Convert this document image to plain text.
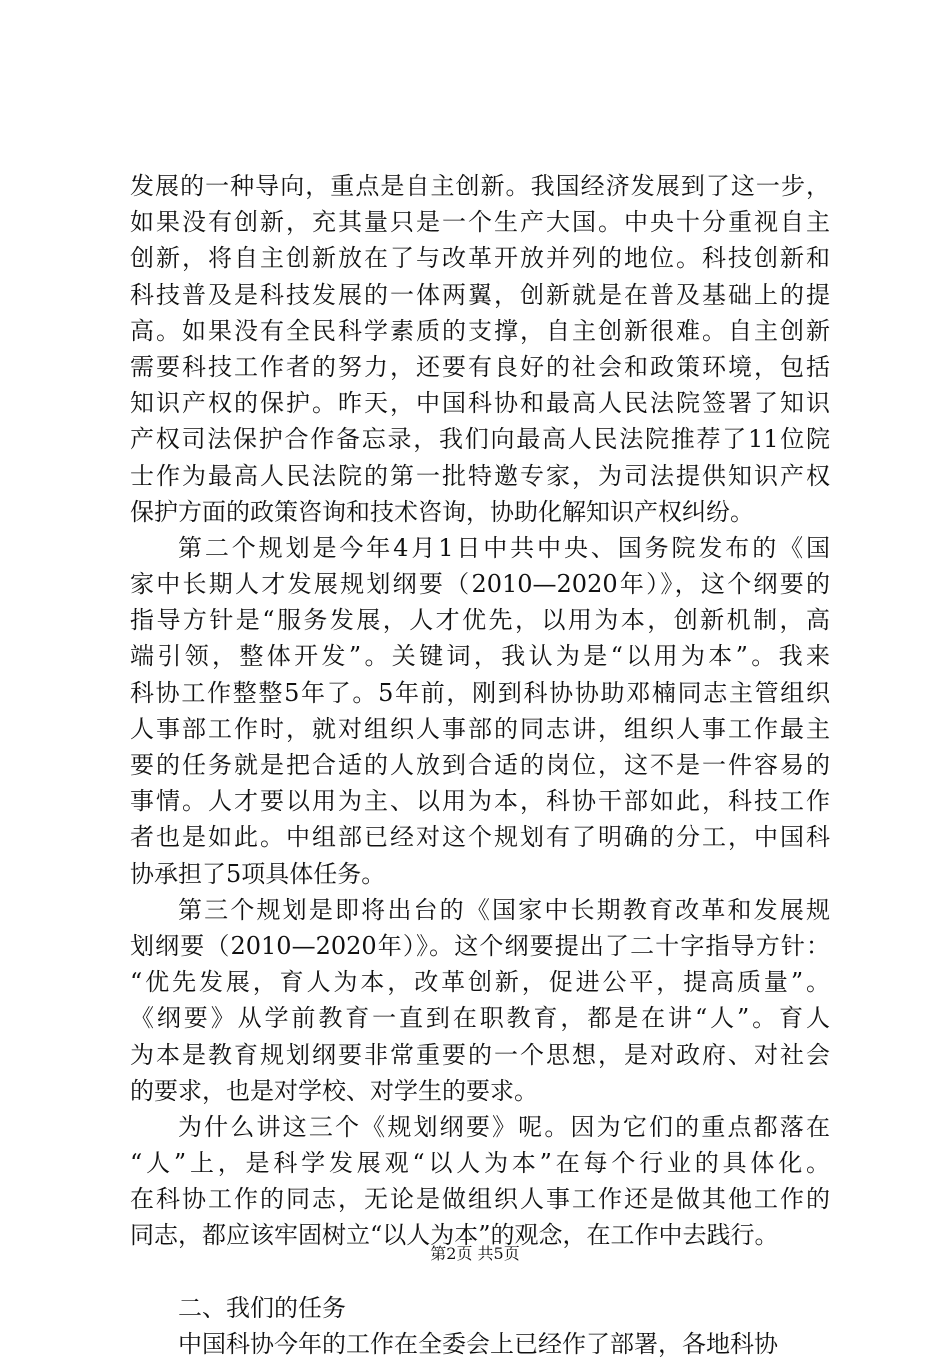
发展的一种导向，重点是自主创新。我国经济发展到了这一步，
如果没有创新，充其量只是一个生产大国。中央十分重视自主
创新，将自主创新放在了与改革开放并列的地位。科技创新和
科技普及是科技发展的一体两翼，创新就是在普及基础上的提
高。如果没有全民科学素质的支撑，自主创新很难。自主创新
需要科技工作者的努力，还要有良好的社会和政策环境，包括
知识产权的保护。昨天，中国科协和最高人民法院签署了知识
产权司法保护合作备忘录，我们向最高人民法院推荐了11位院
士作为最高人民法院的第一批特邀专家，为司法提供知识产权
保护方面的政策咨询和技术咨询，协助化解知识产权纠纷。
第二个规划是今年4月1日中共中央、国务院发布的《国
家中长期人才发展规划纲要（2010—2020年）》，这个纲要的
指导方针是“服务发展，人才优先，以用为本，创新机制，高
端引领，整体开发”。关键词，我认为是“以用为本”。我来
科协工作整整5年了。5年前，刚到科协协助邓楠同志主管组织
人事部工作时，就对组织人事部的同志讲，组织人事工作最主
要的任务就是把合适的人放到合适的岗位，这不是一件容易的
事情。人才要以用为主、以用为本，科协干部如此，科技工作
者也是如此。中组部已经对这个规划有了明确的分工，中国科
协承担了5项具体任务。
第三个规划是即将出台的《国家中长期教育改革和发展规
划纲要（2010—2020年）》。这个纲要提出了二十字指导方针：
“优先发展，育人为本，改革创新，促进公平，提高质量”。
《纲要》从学前教育一直到在职教育，都是在讲“人”。育人
为本是教育规划纲要非常重要的一个思想，是对政府、对社会
的要求，也是对学校、对学生的要求。
为什么讲这三个《规划纲要》呢。因为它们的重点都落在
“人”上，是科学发展观“以人为本”在每个行业的具体化。
在科协工作的同志，无论是做组织人事工作还是做其他工作的
同志，都应该牢固树立“以人为本”的观念，在工作中去践行。
二、我们的任务
中国科协今年的工作在全委会上已经作了部署，各地科协
第2页 共5页
